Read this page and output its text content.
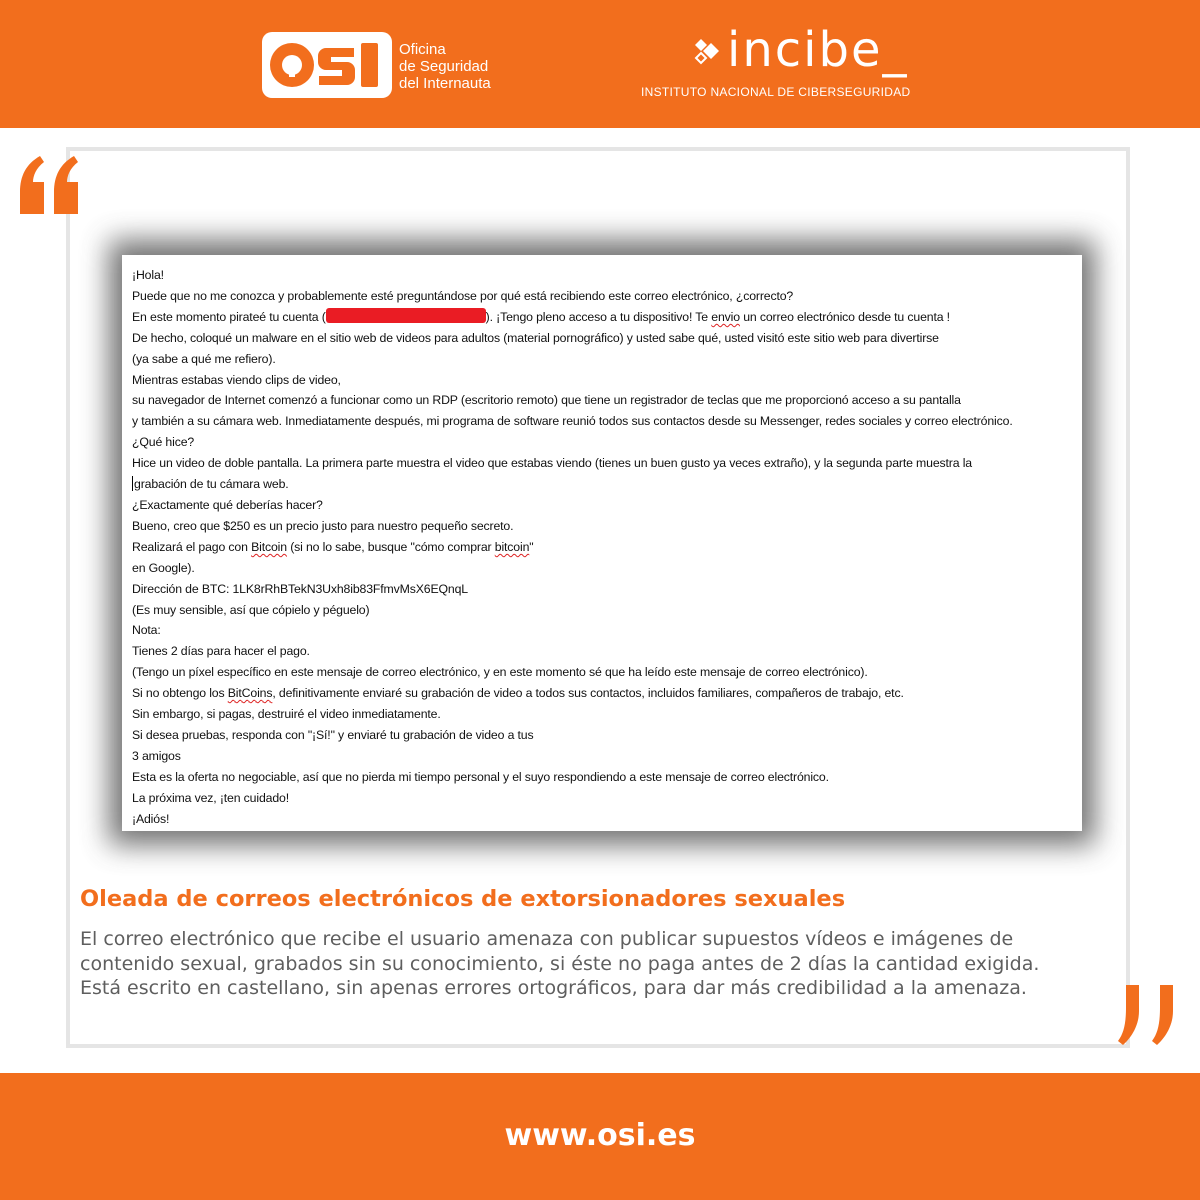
Oficina
de Seguridad
del Internauta
incibe_
INSTITUTO NACIONAL DE CIBERSEGURIDAD
¡Hola!
Puede que no me conozca y probablemente esté preguntándose por qué está recibiendo este correo electrónico, ¿correcto?
En este momento pirateé tu cuenta (	). ¡Tengo pleno acceso a tu dispositivo! Te envio un correo electrónico desde tu cuenta !
De hecho, coloqué un malware en el sitio web de videos para adultos (material pornográfico) y usted sabe qué, usted visitó este sitio web para divertirse
(ya sabe a qué me refiero).
Mientras estabas viendo clips de video,
su navegador de Internet comenzó a funcionar como un RDP (escritorio remoto) que tiene un registrador de teclas que me proporcionó acceso a su pantalla
y también a su cámara web. Inmediatamente después, mi programa de software reunió todos sus contactos desde su Messenger, redes sociales y correo electrónico.
¿Qué hice?
Hice un video de doble pantalla. La primera parte muestra el video que estabas viendo (tienes un buen gusto ya veces extraño), y la segunda parte muestra la
grabación de tu cámara web.
¿Exactamente qué deberías hacer?
Bueno, creo que $250 es un precio justo para nuestro pequeño secreto.
Realizará el pago con Bitcoin (si no lo sabe, busque "cómo comprar bitcoin"
en Google).
Dirección de BTC: 1LK8rRhBTekN3Uxh8ib83FfmvMsX6EQnqL
(Es muy sensible, así que cópielo y péguelo)
Nota:
Tienes 2 días para hacer el pago.
(Tengo un píxel específico en este mensaje de correo electrónico, y en este momento sé que ha leído este mensaje de correo electrónico).
Si no obtengo los BitCoins, definitivamente enviaré su grabación de video a todos sus contactos, incluidos familiares, compañeros de trabajo, etc.
Sin embargo, si pagas, destruiré el video inmediatamente.
Si desea pruebas, responda con "¡Sí!" y enviaré tu grabación de video a tus
3 amigos
Esta es la oferta no negociable, así que no pierda mi tiempo personal y el suyo respondiendo a este mensaje de correo electrónico.
La próxima vez, ¡ten cuidado!
¡Adiós!
Oleada de correos electrónicos de extorsionadores sexuales
El correo electrónico que recibe el usuario amenaza con publicar supuestos vídeos e imágenes de
contenido sexual, grabados sin su conocimiento, si éste no paga antes de 2 días la cantidad exigida.
Está escrito en castellano, sin apenas errores ortográficos, para dar más credibilidad a la amenaza.
www.osi.es
